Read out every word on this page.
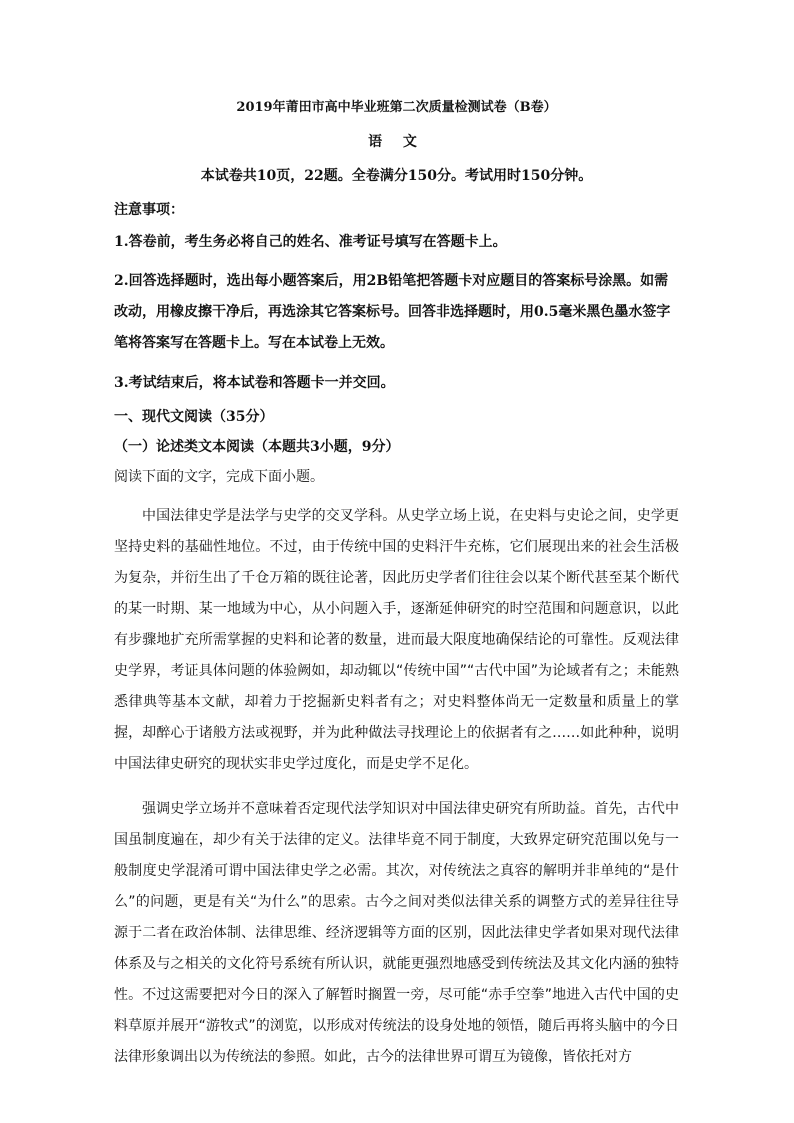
2019年莆田市高中毕业班第二次质量检测试卷（B卷）

语 文

本试卷共10页，22题。全卷满分150分。考试用时150分钟。

注意事项：

1.答卷前，考生务必将自己的姓名、准考证号填写在答题卡上。

2.回答选择题时，选出每小题答案后，用2B铅笔把答题卡对应题目的答案标号涂黑。如需改动，用橡皮擦干净后，再选涂其它答案标号。回答非选择题时，用0.5毫米黑色墨水签字笔将答案写在答题卡上。写在本试卷上无效。

3.考试结束后，将本试卷和答题卡一并交回。

一、现代文阅读（35分）

（一）论述类文本阅读（本题共3小题，9分）

阅读下面的文字，完成下面小题。

中国法律史学是法学与史学的交叉学科。从史学立场上说，在史料与史论之间，史学更坚持史料的基础性地位。不过，由于传统中国的史料汗牛充栋，它们展现出来的社会生活极为复杂，并衍生出了千仓万箱的既往论著，因此历史学者们往往会以某个断代甚至某个断代的某一时期、某一地域为中心，从小问题入手，逐渐延伸研究的时空范围和问题意识，以此有步骤地扩充所需掌握的史料和论著的数量，进而最大限度地确保结论的可靠性。反观法律史学界，考证具体问题的体验阙如，却动辄以“传统中国”“古代中国”为论域者有之；未能熟悉律典等基本文献，却着力于挖掘新史料者有之；对史料整体尚无一定数量和质量上的掌握，却醉心于诸般方法或视野，并为此种做法寻找理论上的依据者有之……如此种种，说明中国法律史研究的现状实非史学过度化，而是史学不足化。

强调史学立场并不意味着否定现代法学知识对中国法律史研究有所助益。首先，古代中国虽制度遍在，却少有关于法律的定义。法律毕竟不同于制度，大致界定研究范围以免与一般制度史学混淆可谓中国法律史学之必需。其次，对传统法之真容的解明并非单纯的“是什么”的问题，更是有关“为什么”的思索。古今之间对类似法律关系的调整方式的差异往往导源于二者在政治体制、法律思维、经济逻辑等方面的区别，因此法律史学者如果对现代法律体系及与之相关的文化符号系统有所认识，就能更强烈地感受到传统法及其文化内涵的独特性。不过这需要把对今日的深入了解暂时搁置一旁，尽可能“赤手空拳”地进入古代中国的史料草原并展开“游牧式”的浏览，以形成对传统法的设身处地的领悟，随后再将头脑中的今日法律形象调出以为传统法的参照。如此，古今的法律世界可谓互为镜像，皆依托对方
